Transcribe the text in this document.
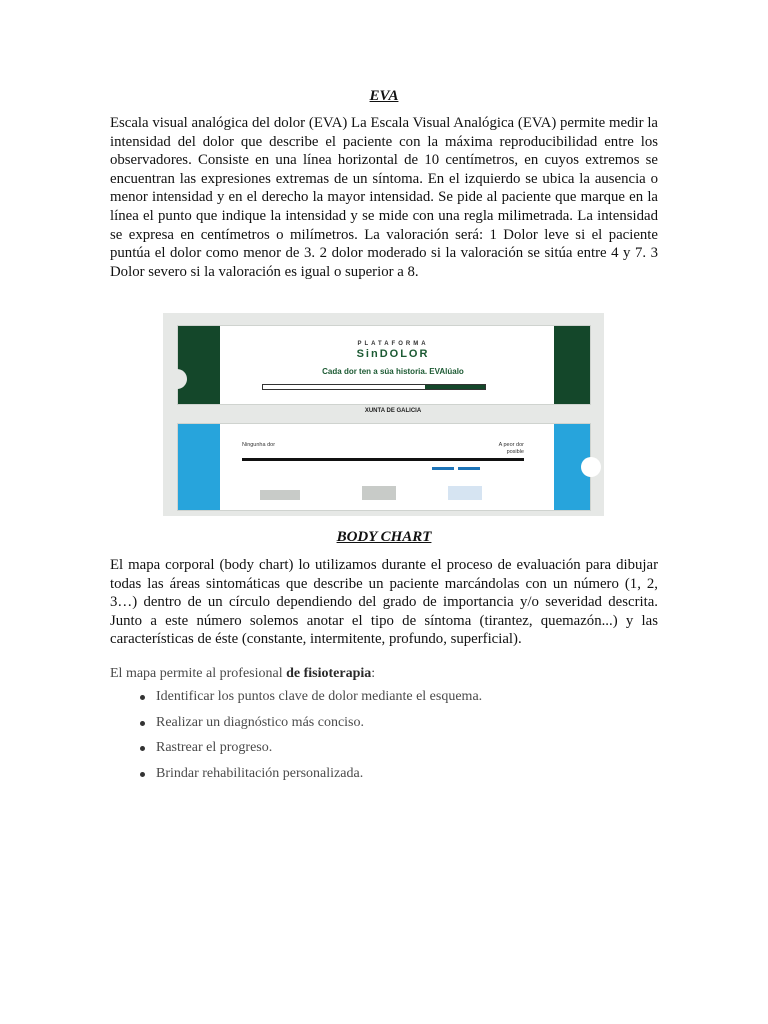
EVA

Escala visual analógica del dolor (EVA) La Escala Visual Analógica (EVA) permite medir la intensidad del dolor que describe el paciente con la máxima reproducibilidad entre los observadores. Consiste en una línea horizontal de 10 centímetros, en cuyos extremos se encuentran las expresiones extremas de un síntoma. En el izquierdo se ubica la ausencia o menor intensidad y en el derecho la mayor intensidad. Se pide al paciente que marque en la línea el punto que indique la intensidad y se mide con una regla milimetrada. La intensidad se expresa en centímetros o milímetros. La valoración será: 1 Dolor leve si el paciente puntúa el dolor como menor de 3. 2 dolor moderado si la valoración se sitúa entre 4 y 7. 3 Dolor severo si la valoración es igual o superior a 8.

PLATAFORMA
SinDOLOR
Cada dor ten a súa historia. EVAlúalo
XUNTA DE GALICIA
Ningunha dor	A peor dor posible
BODY CHART

El mapa corporal (body chart) lo utilizamos durante el proceso de evaluación para dibujar todas las áreas sintomáticas que describe un paciente marcándolas con un número (1, 2, 3…) dentro de un círculo dependiendo del grado de importancia y/o severidad descrita. Junto a este número solemos anotar el tipo de síntoma (tirantez, quemazón...) y las características de éste (constante, intermitente, profundo, superficial).

El mapa permite al profesional de fisioterapia:

Identificar los puntos clave de dolor mediante el esquema.
Realizar un diagnóstico más conciso.
Rastrear el progreso.
Brindar rehabilitación personalizada.
